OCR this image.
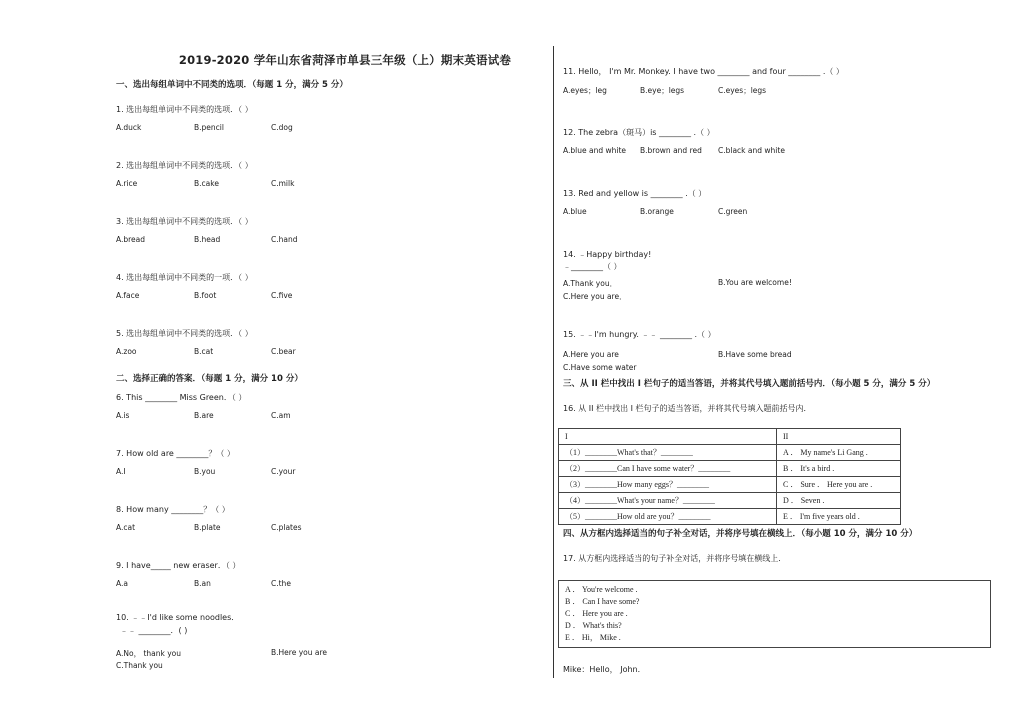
2019-2020 学年山东省菏泽市单县三年级（上）期末英语试卷
一、选出每组单词中不同类的选项．（每题 1 分，满分 5 分）
1. 选出每组单词中不同类的选项．（ ）
A.duck	B.pencil	C.dog
2. 选出每组单词中不同类的选项．（ ）
A.rice	B.cake	C.milk
3. 选出每组单词中不同类的选项．（ ）
A.bread	B.head	C.hand
4. 选出每组单词中不同类的一项．（ ）
A.face	B.foot	C.five
5. 选出每组单词中不同类的选项．（ ）
A.zoo	B.cat	C.bear
二、选择正确的答案．（每题 1 分，满分 10 分）
6. This ________ Miss Green．（ ）
A.is	B.are	C.am
7. How old are ________？（ ）
A.I	B.you	C.your
8. How many ________？（ ）
A.cat	B.plate	C.plates
9. I have_____ new eraser．（ ）
A.a	B.an	C.the
10. ﹣﹣I'd like some noodles．
﹣﹣ ________．( )
A.No， thank you	B.Here you are
C.Thank you
11. Hello， I'm Mr. Monkey. I have two ________ and four ________ .（ ）
A.eyes；leg	B.eye；legs	C.eyes；legs
12. The zebra（斑马）is ________ .（ ）
A.blue and white B.brown and red C.black and white
13. Red and yellow is ________ .（ ）
A.blue	B.orange	C.green
14. ﹣Happy birthday!
﹣________（ ）
A.Thank you．	B.You are welcome!
C.Here you are．
15. ﹣﹣I'm hungry. ﹣﹣ ________ .（ ）
A.Here you are	B.Have some bread
C.Have some water
三、从 II 栏中找出 I 栏句子的适当答语，并将其代号填入题前括号内．（每小题 5 分，满分 5 分）
16. 从 II 栏中找出 I 栏句子的适当答语，并将其代号填入题前括号内．
I	II
（1）________What's that？________	A ． My name's Li Gang .
（2）________Can I have some water？________	B ． It's a bird .
（3）________How many eggs？________	C ． Sure ． Here you are .
（4）________What's your name？________	D ． Seven .
（5）________How old are you？________	E ． I'm five years old .
四、从方框内选择适当的句子补全对话，并将序号填在横线上．（每小题 10 分，满分 10 分）
17. 从方框内选择适当的句子补全对话，并将序号填在横线上．
A ． You're welcome .
B ． Can I have some?
C ． Here you are .
D ． What's this?
E ． Hi， Mike .
Mike：Hello， John．
